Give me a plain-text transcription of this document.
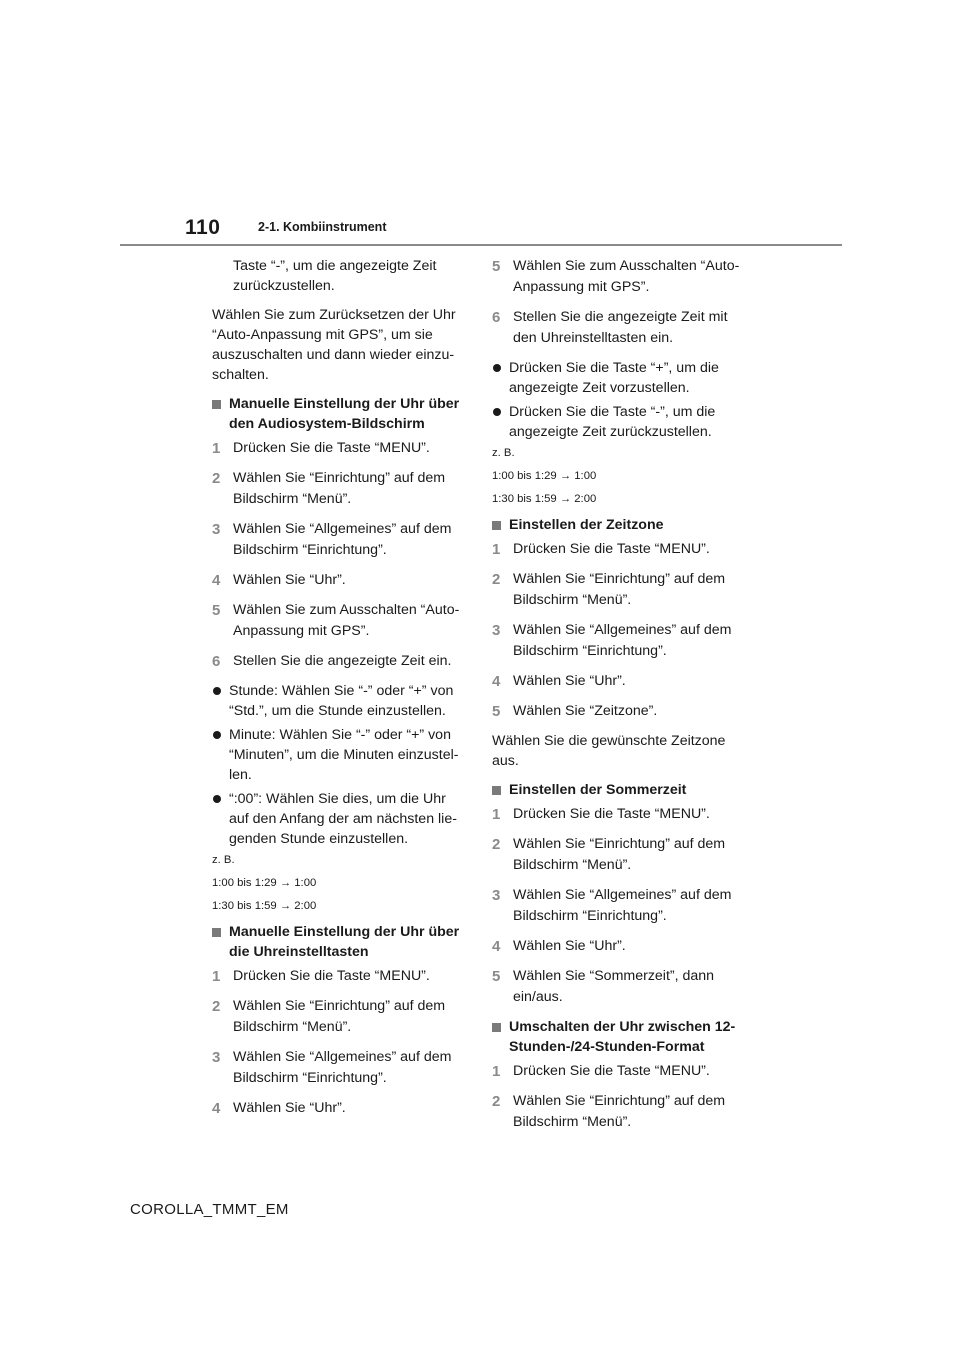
110	2-1. Kombiinstrument
Taste “-”, um die angezeigte Zeit zurückzustellen.
Wählen Sie zum Zurücksetzen der Uhr “Auto-Anpassung mit GPS”, um sie auszuschalten und dann wieder einzu-schalten.
Manuelle Einstellung der Uhr über den Audiosystem-Bildschirm
1 Drücken Sie die Taste “MENU”.
2 Wählen Sie “Einrichtung” auf dem Bildschirm “Menü”.
3 Wählen Sie “Allgemeines” auf dem Bildschirm “Einrichtung”.
4 Wählen Sie “Uhr”.
5 Wählen Sie zum Ausschalten “Auto-Anpassung mit GPS”.
6 Stellen Sie die angezeigte Zeit ein.
Stunde: Wählen Sie “-” oder “+” von “Std.”, um die Stunde einzustellen.
Minute: Wählen Sie “-” oder “+” von “Minuten”, um die Minuten einzustel-len.
“:00”: Wählen Sie dies, um die Uhr auf den Anfang der am nächsten lie-genden Stunde einzustellen.
z. B.
1:00 bis 1:29 → 1:00
1:30 bis 1:59 → 2:00
Manuelle Einstellung der Uhr über die Uhreinstelltasten
1 Drücken Sie die Taste “MENU”.
2 Wählen Sie “Einrichtung” auf dem Bildschirm “Menü”.
3 Wählen Sie “Allgemeines” auf dem Bildschirm “Einrichtung”.
4 Wählen Sie “Uhr”.
5 Wählen Sie zum Ausschalten “Auto-Anpassung mit GPS”.
6 Stellen Sie die angezeigte Zeit mit den Uhreinstelltasten ein.
Drücken Sie die Taste “+”, um die angezeigte Zeit vorzustellen.
Drücken Sie die Taste “-”, um die angezeigte Zeit zurückzustellen.
z. B.
1:00 bis 1:29 → 1:00
1:30 bis 1:59 → 2:00
Einstellen der Zeitzone
1 Drücken Sie die Taste “MENU”.
2 Wählen Sie “Einrichtung” auf dem Bildschirm “Menü”.
3 Wählen Sie “Allgemeines” auf dem Bildschirm “Einrichtung”.
4 Wählen Sie “Uhr”.
5 Wählen Sie “Zeitzone”.
Wählen Sie die gewünschte Zeitzone aus.
Einstellen der Sommerzeit
1 Drücken Sie die Taste “MENU”.
2 Wählen Sie “Einrichtung” auf dem Bildschirm “Menü”.
3 Wählen Sie “Allgemeines” auf dem Bildschirm “Einrichtung”.
4 Wählen Sie “Uhr”.
5 Wählen Sie “Sommerzeit”, dann ein/aus.
Umschalten der Uhr zwischen 12-Stunden-/24-Stunden-Format
1 Drücken Sie die Taste “MENU”.
2 Wählen Sie “Einrichtung” auf dem Bildschirm “Menü”.
COROLLA_TMMT_EM
